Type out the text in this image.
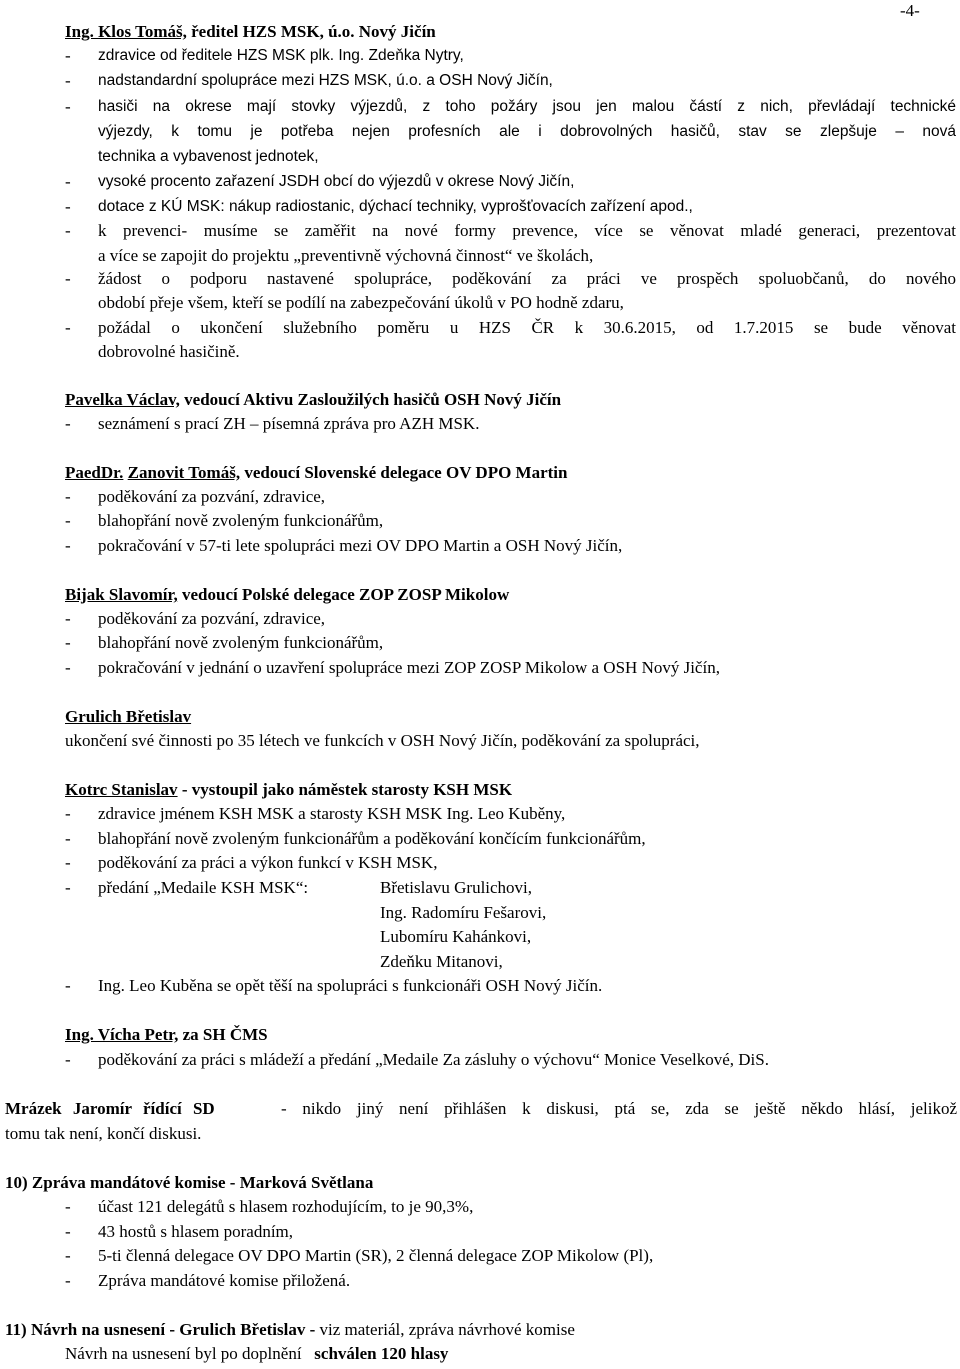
-4-
Ing. Klos Tomáš, ředitel HZS MSK, ú.o. Nový Jičín
- zdravice od ředitele HZS MSK plk. Ing. Zdeňka Nytry,
- nadstandardní spolupráce mezi HZS MSK, ú.o. a OSH Nový Jičín,
- hasiči na okrese mají stovky výjezdů, z toho požáry jsou jen malou částí z nich, převládají technické
výjezdy, k tomu je potřeba nejen profesních ale i dobrovolných hasičů, stav se zlepšuje – nová
technika a vybavenost jednotek,
- vysoké procento zařazení JSDH obcí do výjezdů v okrese Nový Jičín,
- dotace z KÚ MSK: nákup radiostanic, dýchací techniky, vyprošťovacích zařízení apod.,
- k prevenci- musíme se zaměřit na nové formy prevence, více se věnovat mladé generaci, prezentovat
a více se zapojit do projektu „preventivně výchovná činnost“ ve školách,
- žádost o podporu nastavené spolupráce, poděkování za práci ve prospěch spoluobčanů, do nového
období přeje všem, kteří se podílí na zabezpečování úkolů v PO hodně zdaru,
- požádal o ukončení služebního poměru u HZS ČR k 30.6.2015, od 1.7.2015 se bude věnovat
dobrovolné hasičině.
Pavelka Václav, vedoucí Aktivu Zasloužilých hasičů OSH Nový Jičín
- seznámení s prací ZH – písemná zpráva pro AZH MSK.
PaedDr. Zanovit Tomáš, vedoucí Slovenské delegace OV DPO Martin
- poděkování za pozvání, zdravice,
- blahopřání nově zvoleným funkcionářům,
- pokračování v 57-ti lete spolupráci mezi OV DPO Martin a OSH Nový Jičín,
Bijak Slavomír, vedoucí Polské delegace ZOP ZOSP Mikolow
- poděkování za pozvání, zdravice,
- blahopřání nově zvoleným funkcionářům,
- pokračování v jednání o uzavření spolupráce mezi ZOP ZOSP Mikolow a OSH Nový Jičín,
Grulich Břetislav
ukončení své činnosti po 35 létech ve funkcích v OSH Nový Jičín, poděkování za spolupráci,
Kotrc Stanislav - vystoupil jako náměstek starosty KSH MSK
- zdravice jménem KSH MSK a starosty KSH MSK Ing. Leo Kuběny,
- blahopřání nově zvoleným funkcionářům a poděkování končícím funkcionářům,
- poděkování za práci a výkon funkcí v KSH MSK,
- předání „Medaile KSH MSK“:	Břetislavu Grulichovi,
Ing. Radomíru Fešarovi,
Lubomíru Kahánkovi,
Zdeňku Mitanovi,
- Ing. Leo Kuběna se opět těší na spolupráci s funkcionáři OSH Nový Jičín.
Ing. Vícha Petr, za SH ČMS
- poděkování za práci s mládeží a předání „Medaile Za zásluhy o výchovu“ Monice Veselkové, DiS.
Mrázek Jaromír řídící SD	- nikdo jiný není přihlášen k diskusi, ptá se, zda se ještě někdo hlásí, jelikož
tomu tak není, končí diskusi.
10) Zpráva mandátové komise - Marková Světlana
- účast 121 delegátů s hlasem rozhodujícím, to je 90,3%,
- 43 hostů s hlasem poradním,
- 5-ti členná delegace OV DPO Martin (SR), 2 členná delegace ZOP Mikolow (Pl),
- Zpráva mandátové komise přiložená.
11) Návrh na usnesení - Grulich Břetislav - viz materiál, zpráva návrhové komise
Návrh na usnesení byl po doplnění schválen 120 hlasy
